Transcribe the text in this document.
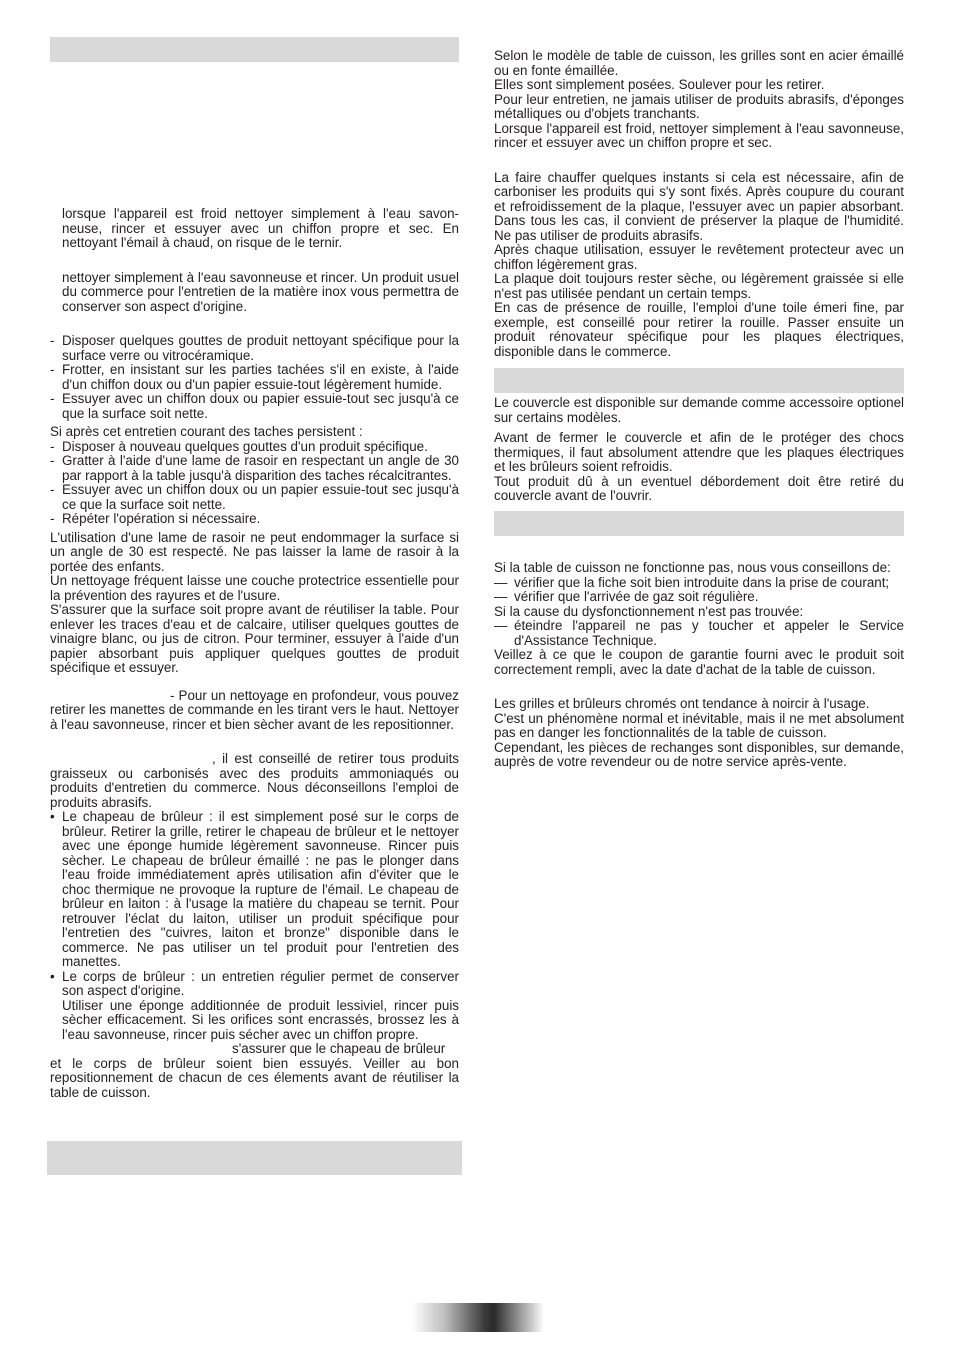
lorsque l'appareil est froid nettoyer simplement à l'eau savonneuse, rincer et essuyer avec un chiffon propre et sec. En nettoyant l'émail à chaud, on risque de le ternir.

nettoyer simplement à l'eau savonneuse et rincer. Un produit usuel du commerce pour l'entretien de la matière inox vous permettra de conserver son aspect d'origine.

- Disposer quelques gouttes de produit nettoyant spécifique pour la surface verre ou vitrocéramique.

- Frotter, en insistant sur les parties tachées s'il en existe, à l'aide d'un chiffon doux ou d'un papier essuie-tout légèrement humide.

- Essuyer avec un chiffon doux ou papier essuie-tout sec jusqu'à ce que la surface soit nette.

Si après cet entretien courant des taches persistent :

- Disposer à nouveau quelques gouttes d'un produit spécifique.

- Gratter à l'aide d'une lame de rasoir en respectant un angle de 30 par rapport à la table jusqu'à disparition des taches récalcitrantes.

- Essuyer avec un chiffon doux ou un papier essuie-tout sec jusqu'à ce que la surface soit nette.

- Répéter l'opération si nécessaire.

L'utilisation d'une lame de rasoir ne peut endommager la surface si un angle de 30 est respecté. Ne pas laisser la lame de rasoir à la portée des enfants.

Un nettoyage fréquent laisse une couche protectrice essentielle pour la prévention des rayures et de l'usure.

S'assurer que la surface soit propre avant de réutiliser la table. Pour enlever les traces d'eau et de calcaire, utiliser quelques gouttes de vinaigre blanc, ou jus de citron. Pour terminer, essuyer à l'aide d'un papier absorbant puis appliquer quelques gouttes de produit spécifique et essuyer.

- Pour un nettoyage en profondeur, vous pouvez retirer les manettes de commande en les tirant vers le haut. Nettoyer à l'eau savonneuse, rincer et bien sècher avant de les repositionner.

, il est conseillé de retirer tous produits graisseux ou carbonisés avec des produits ammoniaqués ou produits d'entretien du commerce. Nous déconseillons l'emploi de produits abrasifs.

• Le chapeau de brûleur : il est simplement posé sur le corps de brûleur. Retirer la grille, retirer le chapeau de brûleur et le nettoyer avec une éponge humide légèrement savonneuse. Rincer puis sècher. Le chapeau de brûleur émaillé : ne pas le plonger dans l'eau froide immédiatement après utilisation afin d'éviter que le choc thermique ne provoque la rupture de l'émail. Le chapeau de brûleur en laiton : à l'usage la matière du chapeau se ternit. Pour retrouver l'éclat du laiton, utiliser un produit spécifique pour l'entretien des "cuivres, laiton et bronze" disponible dans le commerce. Ne pas utiliser un tel produit pour l'entretien des manettes.

• Le corps de brûleur : un entretien régulier permet de conserver son aspect d'origine.

Utiliser une éponge additionnée de produit lessiviel, rincer puis sècher efficacement. Si les orifices sont encrassés, brossez les à l'eau savonneuse, rincer puis sécher avec un chiffon propre.

s'assurer que le chapeau de brûleur

et le corps de brûleur soient bien essuyés. Veiller au bon repositionnement de chacun de ces élements avant de réutiliser la table de cuisson.

Selon le modèle de table de cuisson, les grilles sont en acier émaillé ou en fonte émaillée.

Elles sont simplement posées. Soulever pour les retirer.

Pour leur entretien, ne jamais utiliser de produits abrasifs, d'éponges métalliques ou d'objets tranchants.

Lorsque l'appareil est froid, nettoyer simplement à l'eau savonneuse, rincer et essuyer avec un chiffon propre et sec.

La faire chauffer quelques instants si cela est nécessaire, afin de carboniser les produits qui s'y sont fixés. Après coupure du courant et refroidissement de la plaque, l'essuyer avec un papier absorbant. Dans tous les cas, il convient de préserver la plaque de l'humidité. Ne pas utiliser de produits abrasifs.

Après chaque utilisation, essuyer le revêtement protecteur avec un chiffon légèrement gras.

La plaque doit toujours rester sèche, ou légèrement graissée si elle n'est pas utilisée pendant un certain temps.

En cas de présence de rouille, l'emploi d'une toile émeri fine, par exemple, est conseillé pour retirer la rouille. Passer ensuite un produit rénovateur spécifique pour les plaques électriques, disponible dans le commerce.

Le couvercle est disponible sur demande comme accessoire optionel sur certains modèles.

Avant de fermer le couvercle et afin de le protéger des chocs thermiques, il faut absolument attendre que les plaques électriques et les brûleurs soient refroidis.

Tout produit dû à un eventuel débordement doit être retiré du couvercle avant de l'ouvrir.

Si la table de cuisson ne fonctionne pas, nous vous conseillons de:

— vérifier que la fiche soit bien introduite dans la prise de courant;

— vérifier que l'arrivée de gaz soit régulière.

Si la cause du dysfonctionnement n'est pas trouvée:

— éteindre l'appareil ne pas y toucher et appeler le Service d'Assistance Technique.

Veillez à ce que le coupon de garantie fourni avec le produit soit correctement rempli, avec la date d'achat de la table de cuisson.

Les grilles et brûleurs chromés ont tendance à noircir à l'usage.

C'est un phénomène normal et inévitable, mais il ne met absolument pas en danger les fonctionnalités de la table de cuisson.

Cependant, les pièces de rechanges sont disponibles, sur demande, auprès de votre revendeur ou de notre service après-vente.
